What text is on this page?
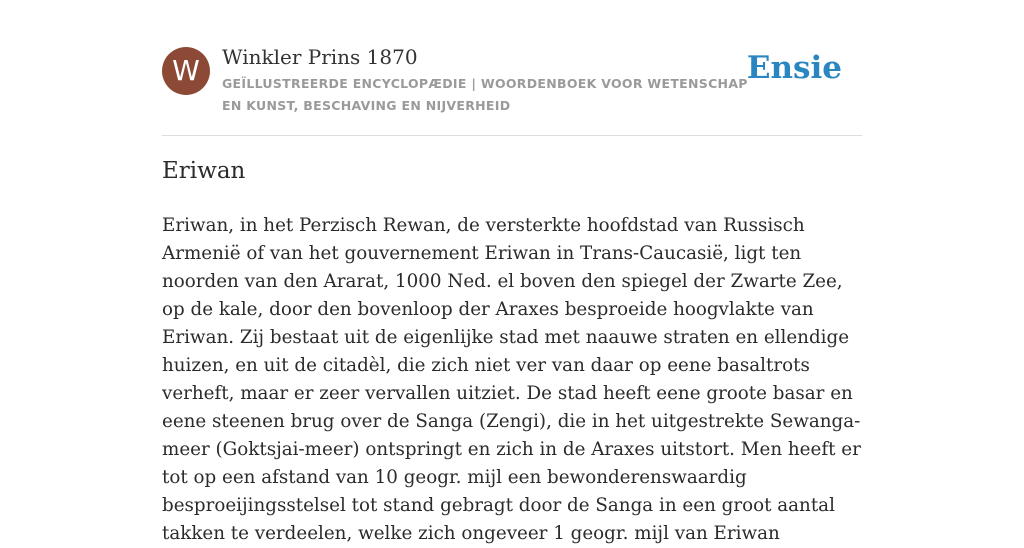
W	Winkler Prins 1870
GEÏLLUSTREERDE ENCYCLOPÆDIE | WOORDENBOEK VOOR WETENSCHAP EN KUNST, BESCHAVING EN NIJVERHEID
Ensie
Eriwan

Eriwan, in het Perzisch Rewan, de versterkte hoofdstad van Russisch Armenië of van het gouvernement Eriwan in Trans-Caucasië, ligt ten noorden van den Ararat, 1000 Ned. el boven den spiegel der Zwarte Zee, op de kale, door den bovenloop der Araxes besproeide hoogvlakte van Eriwan. Zij bestaat uit de eigenlijke stad met naauwe straten en ellendige huizen, en uit de citadèl, die zich niet ver van daar op eene basaltrots verheft, maar er zeer vervallen uitziet. De stad heeft eene groote basar en eene steenen brug over de Sanga (Zengi), die in het uitgestrekte Sewanga-meer (Goktsjai-meer) ontspringt en zich in de Araxes uitstort. Men heeft er tot op een afstand van 10 geogr. mijl een bewonderenswaardig besproeijingsstelsel tot stand gebragt door de Sanga in een groot aantal takken te verdeelen, welke zich ongeveer 1 geogr. mijl van Eriwan
